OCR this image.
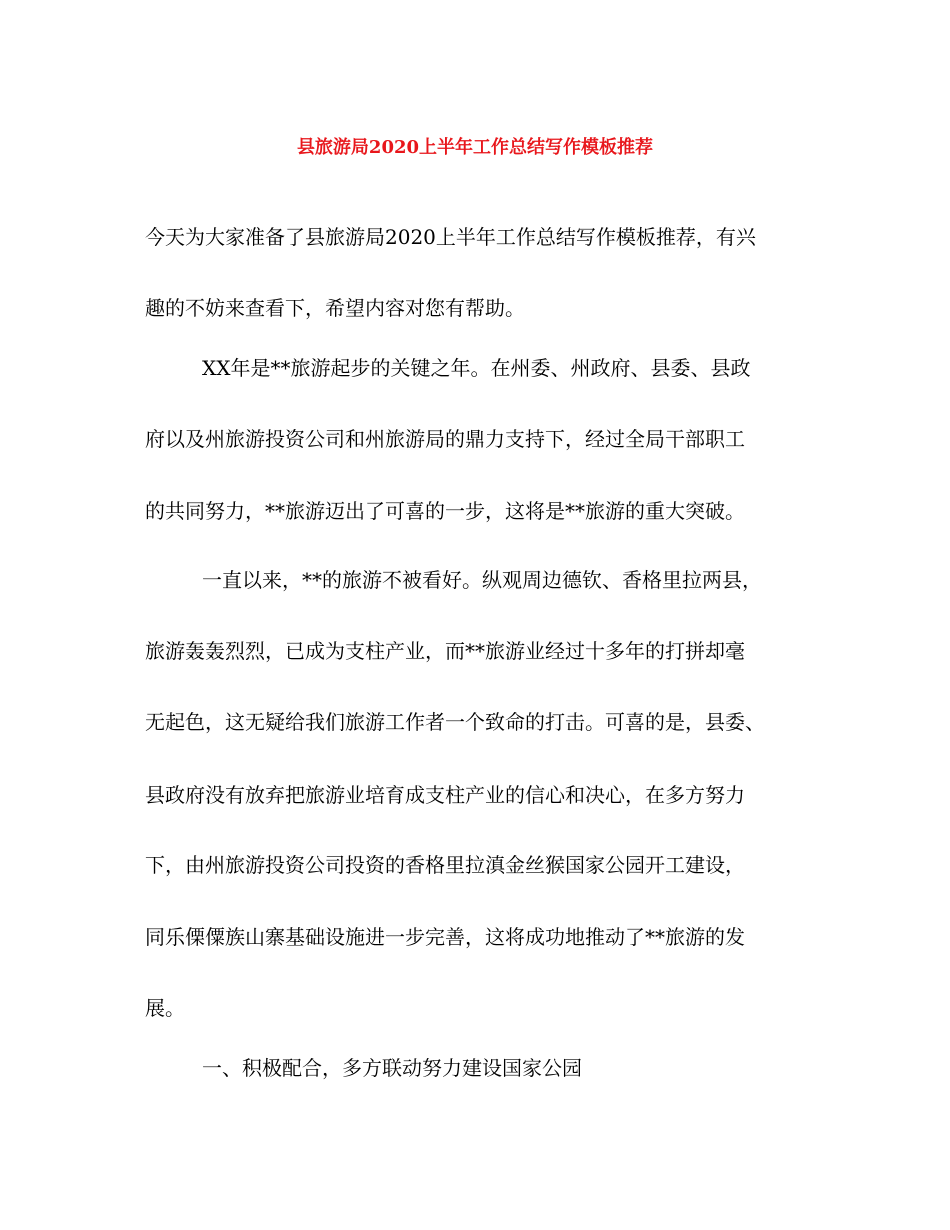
县旅游局2020上半年工作总结写作模板推荐
今天为大家准备了县旅游局2020上半年工作总结写作模板推荐，有兴
趣的不妨来查看下，希望内容对您有帮助。
XX年是**旅游起步的关键之年。在州委、州政府、县委、县政
府以及州旅游投资公司和州旅游局的鼎力支持下，经过全局干部职工
的共同努力，**旅游迈出了可喜的一步，这将是**旅游的重大突破。
一直以来，**的旅游不被看好。纵观周边德钦、香格里拉两县，
旅游轰轰烈烈，已成为支柱产业，而**旅游业经过十多年的打拼却毫
无起色，这无疑给我们旅游工作者一个致命的打击。可喜的是，县委、
县政府没有放弃把旅游业培育成支柱产业的信心和决心，在多方努力
下，由州旅游投资公司投资的香格里拉滇金丝猴国家公园开工建设，
同乐傈僳族山寨基础设施进一步完善，这将成功地推动了**旅游的发
展。
一、积极配合，多方联动努力建设国家公园
